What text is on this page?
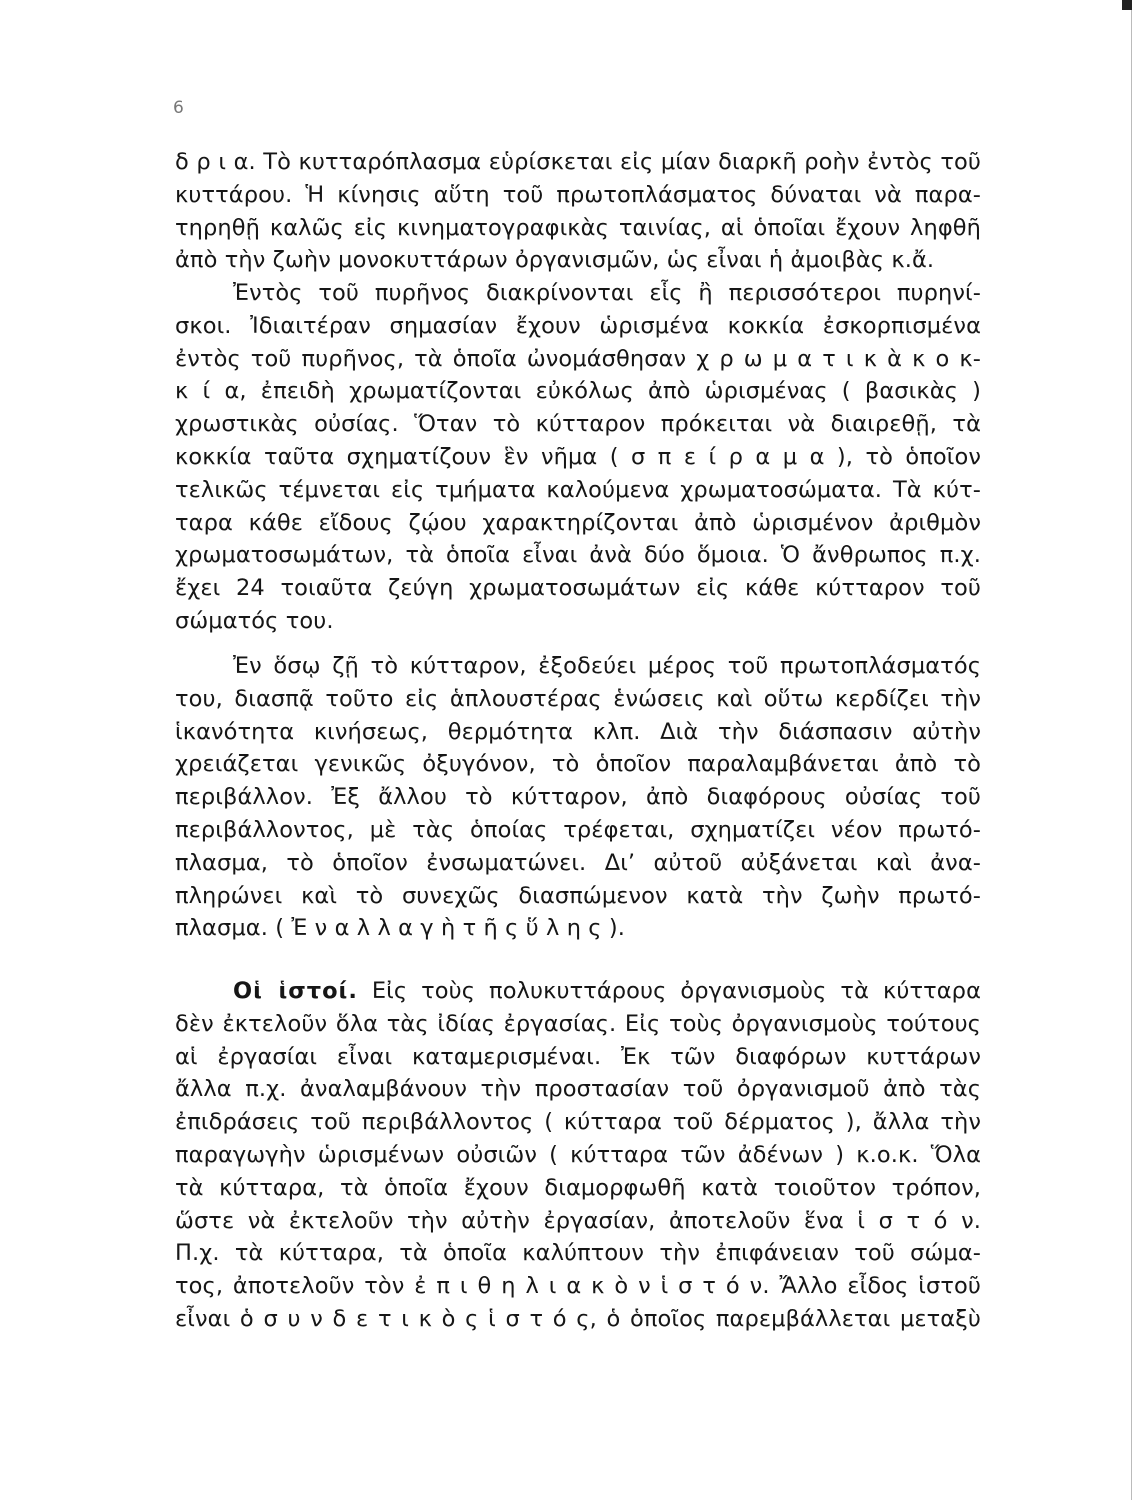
6
δ ρ ι α. Τὸ κυτταρόπλασμα εὑρίσκεται εἰς μίαν διαρκῆ ροὴν ἐντὸς τοῦ
κυττάρου. Ἡ κίνησις αὕτη τοῦ πρωτοπλάσματος δύναται νὰ παρα-
τηρηθῇ καλῶς εἰς κινηματογραφικὰς ταινίας, αἱ ὁποῖαι ἔχουν ληφθῆ
ἀπὸ τὴν ζωὴν μονοκυττάρων ὀργανισμῶν, ὡς εἶναι ἡ ἀμοιβὰς κ.ἄ.
Ἐντὸς τοῦ πυρῆνος διακρίνονται εἷς ἢ περισσότεροι πυρηνί-
σκοι. Ἰδιαιτέραν σημασίαν ἔχουν ὡρισμένα κοκκία ἐσκορπισμένα
ἐντὸς τοῦ πυρῆνος, τὰ ὁποῖα ὠνομάσθησαν χ ρ ω μ α τ ι κ ὰ κ ο κ-
κ ί α, ἐπειδὴ χρωματίζονται εὐκόλως ἀπὸ ὡρισμένας ( βασικὰς )
χρωστικὰς οὐσίας. Ὅταν τὸ κύτταρον πρόκειται νὰ διαιρεθῇ, τὰ
κοκκία ταῦτα σχηματίζουν ἓν νῆμα ( σ π ε ί ρ α μ α ), τὸ ὁποῖον
τελικῶς τέμνεται εἰς τμήματα καλούμενα χρωματοσώματα. Τὰ κύτ-
ταρα κάθε εἴδους ζῴου χαρακτηρίζονται ἀπὸ ὡρισμένον ἀριθμὸν
χρωματοσωμάτων, τὰ ὁποῖα εἶναι ἀνὰ δύο ὅμοια. Ὁ ἄνθρωπος π.χ.
ἔχει 24 τοιαῦτα ζεύγη χρωματοσωμάτων εἰς κάθε κύτταρον τοῦ
σώματός του.
Ἐν ὅσῳ ζῇ τὸ κύτταρον, ἐξοδεύει μέρος τοῦ πρωτοπλάσματός
του, διασπᾷ τοῦτο εἰς ἁπλουστέρας ἑνώσεις καὶ οὕτω κερδίζει τὴν
ἱκανότητα κινήσεως, θερμότητα κλπ. Διὰ τὴν διάσπασιν αὐτὴν
χρειάζεται γενικῶς ὀξυγόνον, τὸ ὁποῖον παραλαμβάνεται ἀπὸ τὸ
περιβάλλον. Ἐξ ἄλλου τὸ κύτταρον, ἀπὸ διαφόρους οὐσίας τοῦ
περιβάλλοντος, μὲ τὰς ὁποίας τρέφεται, σχηματίζει νέον πρωτό-
πλασμα, τὸ ὁποῖον ἐνσωματώνει. Δι’ αὐτοῦ αὐξάνεται καὶ ἀνα-
πληρώνει καὶ τὸ συνεχῶς διασπώμενον κατὰ τὴν ζωὴν πρωτό-
πλασμα. ( Ἐ ν α λ λ α γ ὴ τ ῆ ς ὕ λ η ς ).
Οἱ ἱστοί. Εἰς τοὺς πολυκυττάρους ὀργανισμοὺς τὰ κύτταρα
δὲν ἐκτελοῦν ὅλα τὰς ἰδίας ἐργασίας. Εἰς τοὺς ὀργανισμοὺς τούτους
αἱ ἐργασίαι εἶναι καταμερισμέναι. Ἐκ τῶν διαφόρων κυττάρων
ἄλλα π.χ. ἀναλαμβάνουν τὴν προστασίαν τοῦ ὀργανισμοῦ ἀπὸ τὰς
ἐπιδράσεις τοῦ περιβάλλοντος ( κύτταρα τοῦ δέρματος ), ἄλλα τὴν
παραγωγὴν ὡρισμένων οὐσιῶν ( κύτταρα τῶν ἀδένων ) κ.ο.κ. Ὅλα
τὰ κύτταρα, τὰ ὁποῖα ἔχουν διαμορφωθῆ κατὰ τοιοῦτον τρόπον,
ὥστε νὰ ἐκτελοῦν τὴν αὐτὴν ἐργασίαν, ἀποτελοῦν ἕνα ἱ σ τ ό ν.
Π.χ. τὰ κύτταρα, τὰ ὁποῖα καλύπτουν τὴν ἐπιφάνειαν τοῦ σώμα-
τος, ἀποτελοῦν τὸν ἐ π ι θ η λ ι α κ ὸ ν ἱ σ τ ό ν. Ἄλλο εἶδος ἱστοῦ
εἶναι ὁ σ υ ν δ ε τ ι κ ὸ ς ἱ σ τ ό ς, ὁ ὁποῖος παρεμβάλλεται μεταξὺ
